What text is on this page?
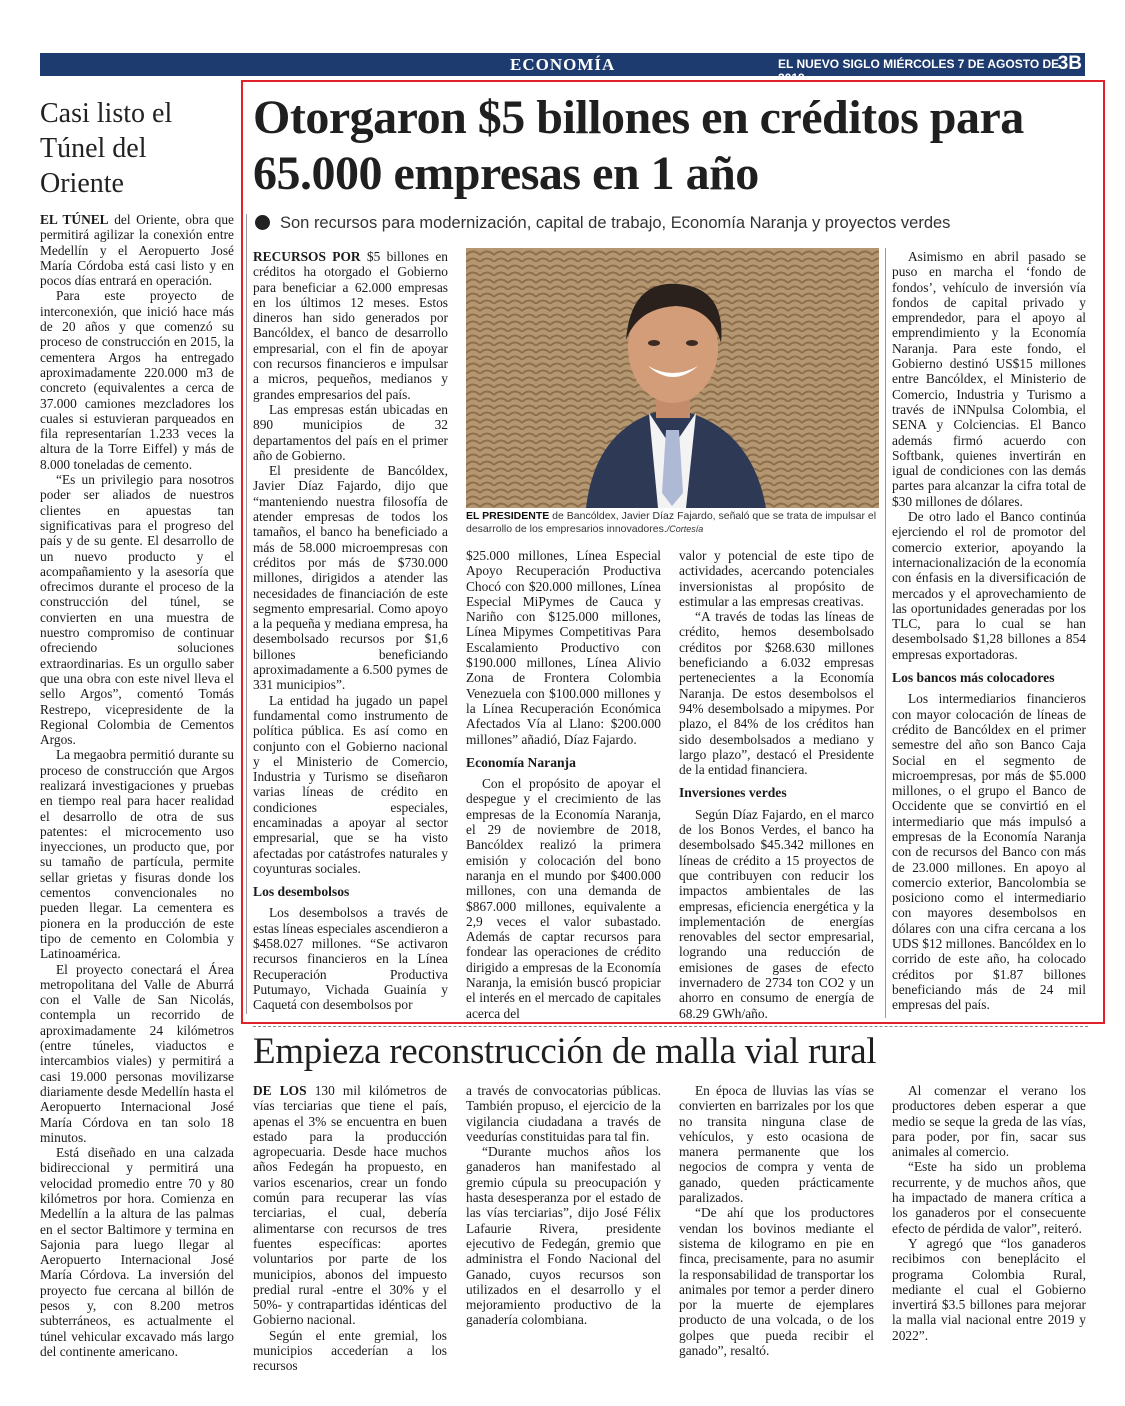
ECONOMÍA	EL NUEVO SIGLO MIÉRCOLES 7 DE AGOSTO DE 2019
3B
Casi listo el Túnel del Oriente

EL TÚNEL del Oriente, obra que permitirá agilizar la conexión entre Medellín y el Aeropuerto José María Córdoba está casi listo y en pocos días entrará en operación.

Para este proyecto de interconexión, que inició hace más de 20 años y que comenzó su proceso de construcción en 2015, la cementera Argos ha entregado aproximadamente 220.000 m3 de concreto (equivalentes a cerca de 37.000 camiones mezcladores los cuales si estuvieran parqueados en fila representarían 1.233 veces la altura de la Torre Eiffel) y más de 8.000 toneladas de cemento.

“Es un privilegio para nosotros poder ser aliados de nuestros clientes en apuestas tan significativas para el progreso del país y de su gente. El desarrollo de un nuevo producto y el acompañamiento y la asesoría que ofrecimos durante el proceso de la construcción del túnel, se convierten en una muestra de nuestro compromiso de continuar ofreciendo soluciones extraordinarias. Es un orgullo saber que una obra con este nivel lleva el sello Argos”, comentó Tomás Restrepo, vicepresidente de la Regional Colombia de Cementos Argos.

La megaobra permitió durante su proceso de construcción que Argos realizará investigaciones y pruebas en tiempo real para hacer realidad el desarrollo de otra de sus patentes: el microcemento uso inyecciones, un producto que, por su tamaño de partícula, permite sellar grietas y fisuras donde los cementos convencionales no pueden llegar. La cementera es pionera en la producción de este tipo de cemento en Colombia y Latinoamérica.

El proyecto conectará el Área metropolitana del Valle de Aburrá con el Valle de San Nicolás, contempla un recorrido de aproximadamente 24 kilómetros (entre túneles, viaductos e intercambios viales) y permitirá a casi 19.000 personas movilizarse diariamente desde Medellín hasta el Aeropuerto Internacional José María Córdova en tan solo 18 minutos.

Está diseñado en una calzada bidireccional y permitirá una velocidad promedio entre 70 y 80 kilómetros por hora. Comienza en Medellín a la altura de las palmas en el sector Baltimore y termina en Sajonia para luego llegar al Aeropuerto Internacional José María Córdova. La inversión del proyecto fue cercana al billón de pesos y, con 8.200 metros subterráneos, es actualmente el túnel vehicular excavado más largo del continente americano.

Otorgaron $5 billones en créditos para 65.000 empresas en 1 año
Son recursos para modernización, capital de trabajo, Economía Naranja y proyectos verdes
EL PRESIDENTE de Bancóldex, Javier Díaz Fajardo, señaló que se trata de impulsar el desarrollo de los empresarios innovadores./Cortesía

RECURSOS POR $5 billones en créditos ha otorgado el Gobierno para beneficiar a 62.000 empresas en los últimos 12 meses. Estos dineros han sido generados por Bancóldex, el banco de desarrollo empresarial, con el fin de apoyar con recursos financieros e impulsar a micros, pequeños, medianos y grandes empresarios del país.

Las empresas están ubicadas en 890 municipios de 32 departamentos del país en el primer año de Gobierno.

El presidente de Bancóldex, Javier Díaz Fajardo, dijo que “manteniendo nuestra filosofía de atender empresas de todos los tamaños, el banco ha beneficiado a más de 58.000 microempresas con créditos por más de $730.000 millones, dirigidos a atender las necesidades de financiación de este segmento empresarial. Como apoyo a la pequeña y mediana empresa, ha desembolsado recursos por $1,6 billones beneficiando aproximadamente a 6.500 pymes de 331 municipios”.

La entidad ha jugado un papel fundamental como instrumento de política pública. Es así como en conjunto con el Gobierno nacional y el Ministerio de Comercio, Industria y Turismo se diseñaron varias líneas de crédito en condiciones especiales, encaminadas a apoyar al sector empresarial, que se ha visto afectadas por catástrofes naturales y coyunturas sociales.

Los desembolsos

Los desembolsos a través de estas líneas especiales ascendieron a $458.027 millones. “Se activaron recursos financieros en la Línea Recuperación Productiva Putumayo, Vichada Guainía y Caquetá con desembolsos por

$25.000 millones, Línea Especial Apoyo Recuperación Productiva Chocó con $20.000 millones, Línea Especial MiPymes de Cauca y Nariño con $125.000 millones, Línea Mipymes Competitivas Para Escalamiento Productivo con $190.000 millones, Línea Alivio Zona de Frontera Colombia Venezuela con $100.000 millones y la Línea Recuperación Económica Afectados Vía al Llano: $200.000 millones” añadió, Díaz Fajardo.

Economía Naranja

Con el propósito de apoyar el despegue y el crecimiento de las empresas de la Economía Naranja, el 29 de noviembre de 2018, Bancóldex realizó la primera emisión y colocación del bono naranja en el mundo por $400.000 millones, con una demanda de $867.000 millones, equivalente a 2,9 veces el valor subastado. Además de captar recursos para fondear las operaciones de crédito dirigido a empresas de la Economía Naranja, la emisión buscó propiciar el interés en el mercado de capitales acerca del

valor y potencial de este tipo de actividades, acercando potenciales inversionistas al propósito de estimular a las empresas creativas.

“A través de todas las líneas de crédito, hemos desembolsado créditos por $268.630 millones beneficiando a 6.032 empresas pertenecientes a la Economía Naranja. De estos desembolsos el 94% desembolsado a mipymes. Por plazo, el 84% de los créditos han sido desembolsados a mediano y largo plazo”, destacó el Presidente de la entidad financiera.

Inversiones verdes

Según Díaz Fajardo, en el marco de los Bonos Verdes, el banco ha desembolsado $45.342 millones en líneas de crédito a 15 proyectos de que contribuyen con reducir los impactos ambientales de las empresas, eficiencia energética y la implementación de energías renovables del sector empresarial, logrando una reducción de emisiones de gases de efecto invernadero de 2734 ton CO2 y un ahorro en consumo de energía de 68.29 GWh/año.

Asimismo en abril pasado se puso en marcha el ‘fondo de fondos’, vehículo de inversión vía fondos de capital privado y emprendedor, para el apoyo al emprendimiento y la Economía Naranja. Para este fondo, el Gobierno destinó US$15 millones entre Bancóldex, el Ministerio de Comercio, Industria y Turismo a través de iNNpulsa Colombia, el SENA y Colciencias. El Banco además firmó acuerdo con Softbank, quienes invertirán en igual de condiciones con las demás partes para alcanzar la cifra total de $30 millones de dólares.

De otro lado el Banco continúa ejerciendo el rol de promotor del comercio exterior, apoyando la internacionalización de la economía con énfasis en la diversificación de mercados y el aprovechamiento de las oportunidades generadas por los TLC, para lo cual se han desembolsado $1,28 billones a 854 empresas exportadoras.

Los bancos más colocadores

Los intermediarios financieros con mayor colocación de líneas de crédito de Bancóldex en el primer semestre del año son Banco Caja Social en el segmento de microempresas, por más de $5.000 millones, o el grupo el Banco de Occidente que se convirtió en el intermediario que más impulsó a empresas de la Economía Naranja con de recursos del Banco con más de 23.000 millones. En apoyo al comercio exterior, Bancolombia se posiciono como el intermediario con mayores desembolsos en dólares con una cifra cercana a los UDS $12 millones. Bancóldex en lo corrido de este año, ha colocado créditos por $1.87 billones beneficiando más de 24 mil empresas del país.

Empieza reconstrucción de malla vial rural

DE LOS 130 mil kilómetros de vías terciarias que tiene el país, apenas el 3% se encuentra en buen estado para la producción agropecuaria. Desde hace muchos años Fedegán ha propuesto, en varios escenarios, crear un fondo común para recuperar las vías terciarias, el cual, debería alimentarse con recursos de tres fuentes específicas: aportes voluntarios por parte de los municipios, abonos del impuesto predial rural -entre el 30% y el 50%- y contrapartidas idénticas del Gobierno nacional.

Según el ente gremial, los municipios accederían a los recursos

a través de convocatorias públicas. También propuso, el ejercicio de la vigilancia ciudadana a través de veedurías constituidas para tal fin.

“Durante muchos años los ganaderos han manifestado al gremio cúpula su preocupación y hasta desesperanza por el estado de las vías terciarias”, dijo José Félix Lafaurie Rivera, presidente ejecutivo de Fedegán, gremio que administra el Fondo Nacional del Ganado, cuyos recursos son utilizados en el desarrollo y el mejoramiento productivo de la ganadería colombiana.

En época de lluvias las vías se convierten en barrizales por los que no transita ninguna clase de vehículos, y esto ocasiona de manera permanente que los negocios de compra y venta de ganado, queden prácticamente paralizados.

“De ahí que los productores vendan los bovinos mediante el sistema de kilogramo en pie en finca, precisamente, para no asumir la responsabilidad de transportar los animales por temor a perder dinero por la muerte de ejemplares producto de una volcada, o de los golpes que pueda recibir el ganado”, resaltó.

Al comenzar el verano los productores deben esperar a que medio se seque la greda de las vías, para poder, por fin, sacar sus animales al comercio.

“Este ha sido un problema recurrente, y de muchos años, que ha impactado de manera crítica a los ganaderos por el consecuente efecto de pérdida de valor”, reiteró.

Y agregó que “los ganaderos recibimos con beneplácito el programa Colombia Rural, mediante el cual el Gobierno invertirá $3.5 billones para mejorar la malla vial nacional entre 2019 y 2022”.
